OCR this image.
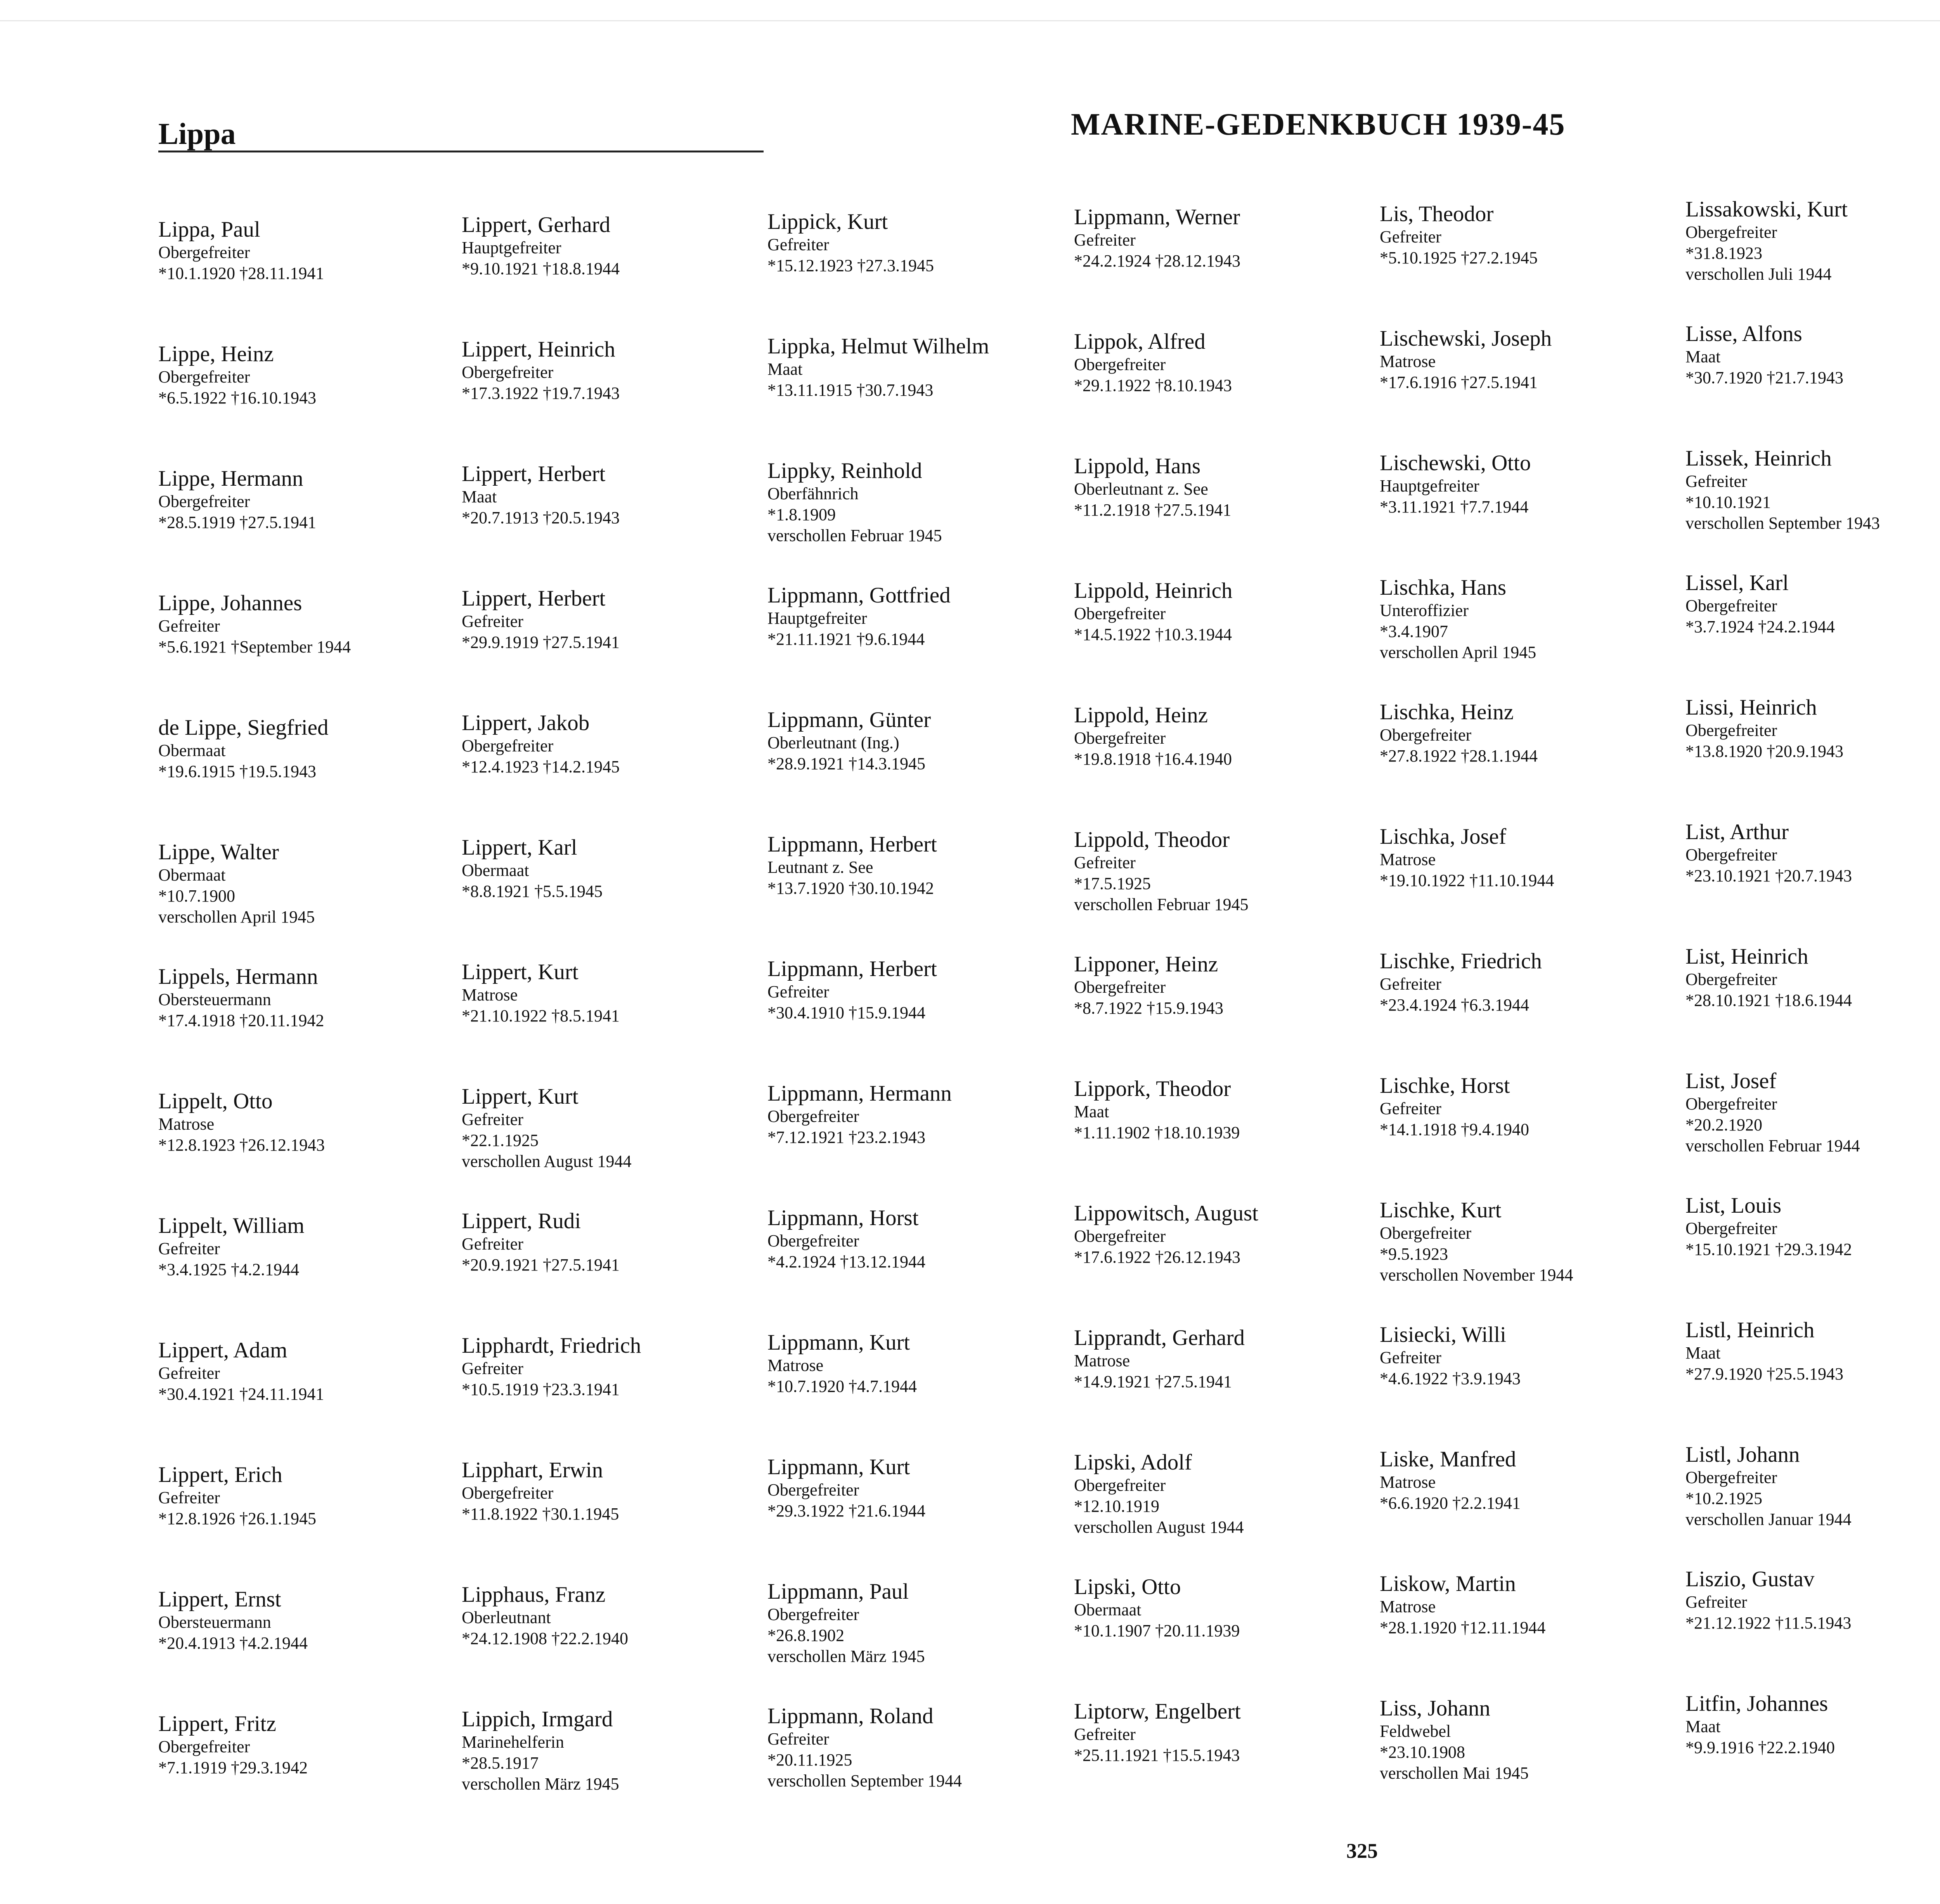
Lippa	MARINE-GEDENKBUCH 1939-45
Lippa, Paul
Obergefreiter
*10.1.1920 †28.11.1941
Lippe, Heinz
Obergefreiter
*6.5.1922 †16.10.1943
Lippe, Hermann
Obergefreiter
*28.5.1919 †27.5.1941
Lippe, Johannes
Gefreiter
*5.6.1921 †September 1944
de Lippe, Siegfried
Obermaat
*19.6.1915 †19.5.1943
Lippe, Walter
Obermaat
*10.7.1900
verschollen April 1945
Lippels, Hermann
Obersteuermann
*17.4.1918 †20.11.1942
Lippelt, Otto
Matrose
*12.8.1923 †26.12.1943
Lippelt, William
Gefreiter
*3.4.1925 †4.2.1944
Lippert, Adam
Gefreiter
*30.4.1921 †24.11.1941
Lippert, Erich
Gefreiter
*12.8.1926 †26.1.1945
Lippert, Ernst
Obersteuermann
*20.4.1913 †4.2.1944
Lippert, Fritz
Obergefreiter
*7.1.1919 †29.3.1942
Lippert, Gerhard
Hauptgefreiter
*9.10.1921 †18.8.1944
Lippert, Heinrich
Obergefreiter
*17.3.1922 †19.7.1943
Lippert, Herbert
Maat
*20.7.1913 †20.5.1943
Lippert, Herbert
Gefreiter
*29.9.1919 †27.5.1941
Lippert, Jakob
Obergefreiter
*12.4.1923 †14.2.1945
Lippert, Karl
Obermaat
*8.8.1921 †5.5.1945
Lippert, Kurt
Matrose
*21.10.1922 †8.5.1941
Lippert, Kurt
Gefreiter
*22.1.1925
verschollen August 1944
Lippert, Rudi
Gefreiter
*20.9.1921 †27.5.1941
Lipphardt, Friedrich
Gefreiter
*10.5.1919 †23.3.1941
Lipphart, Erwin
Obergefreiter
*11.8.1922 †30.1.1945
Lipphaus, Franz
Oberleutnant
*24.12.1908 †22.2.1940
Lippich, Irmgard
Marinehelferin
*28.5.1917
verschollen März 1945
Lippick, Kurt
Gefreiter
*15.12.1923 †27.3.1945
Lippka, Helmut Wilhelm
Maat
*13.11.1915 †30.7.1943
Lippky, Reinhold
Oberfähnrich
*1.8.1909
verschollen Februar 1945
Lippmann, Gottfried
Hauptgefreiter
*21.11.1921 †9.6.1944
Lippmann, Günter
Oberleutnant (Ing.)
*28.9.1921 †14.3.1945
Lippmann, Herbert
Leutnant z. See
*13.7.1920 †30.10.1942
Lippmann, Herbert
Gefreiter
*30.4.1910 †15.9.1944
Lippmann, Hermann
Obergefreiter
*7.12.1921 †23.2.1943
Lippmann, Horst
Obergefreiter
*4.2.1924 †13.12.1944
Lippmann, Kurt
Matrose
*10.7.1920 †4.7.1944
Lippmann, Kurt
Obergefreiter
*29.3.1922 †21.6.1944
Lippmann, Paul
Obergefreiter
*26.8.1902
verschollen März 1945
Lippmann, Roland
Gefreiter
*20.11.1925
verschollen September 1944
Lippmann, Werner
Gefreiter
*24.2.1924 †28.12.1943
Lippok, Alfred
Obergefreiter
*29.1.1922 †8.10.1943
Lippold, Hans
Oberleutnant z. See
*11.2.1918 †27.5.1941
Lippold, Heinrich
Obergefreiter
*14.5.1922 †10.3.1944
Lippold, Heinz
Obergefreiter
*19.8.1918 †16.4.1940
Lippold, Theodor
Gefreiter
*17.5.1925
verschollen Februar 1945
Lipponer, Heinz
Obergefreiter
*8.7.1922 †15.9.1943
Lippork, Theodor
Maat
*1.11.1902 †18.10.1939
Lippowitsch, August
Obergefreiter
*17.6.1922 †26.12.1943
Lipprandt, Gerhard
Matrose
*14.9.1921 †27.5.1941
Lipski, Adolf
Obergefreiter
*12.10.1919
verschollen August 1944
Lipski, Otto
Obermaat
*10.1.1907 †20.11.1939
Liptorw, Engelbert
Gefreiter
*25.11.1921 †15.5.1943
Lis, Theodor
Gefreiter
*5.10.1925 †27.2.1945
Lischewski, Joseph
Matrose
*17.6.1916 †27.5.1941
Lischewski, Otto
Hauptgefreiter
*3.11.1921 †7.7.1944
Lischka, Hans
Unteroffizier
*3.4.1907
verschollen April 1945
Lischka, Heinz
Obergefreiter
*27.8.1922 †28.1.1944
Lischka, Josef
Matrose
*19.10.1922 †11.10.1944
Lischke, Friedrich
Gefreiter
*23.4.1924 †6.3.1944
Lischke, Horst
Gefreiter
*14.1.1918 †9.4.1940
Lischke, Kurt
Obergefreiter
*9.5.1923
verschollen November 1944
Lisiecki, Willi
Gefreiter
*4.6.1922 †3.9.1943
Liske, Manfred
Matrose
*6.6.1920 †2.2.1941
Liskow, Martin
Matrose
*28.1.1920 †12.11.1944
Liss, Johann
Feldwebel
*23.10.1908
verschollen Mai 1945
Lissakowski, Kurt
Obergefreiter
*31.8.1923
verschollen Juli 1944
Lisse, Alfons
Maat
*30.7.1920 †21.7.1943
Lissek, Heinrich
Gefreiter
*10.10.1921
verschollen September 1943
Lissel, Karl
Obergefreiter
*3.7.1924 †24.2.1944
Lissi, Heinrich
Obergefreiter
*13.8.1920 †20.9.1943
List, Arthur
Obergefreiter
*23.10.1921 †20.7.1943
List, Heinrich
Obergefreiter
*28.10.1921 †18.6.1944
List, Josef
Obergefreiter
*20.2.1920
verschollen Februar 1944
List, Louis
Obergefreiter
*15.10.1921 †29.3.1942
Listl, Heinrich
Maat
*27.9.1920 †25.5.1943
Listl, Johann
Obergefreiter
*10.2.1925
verschollen Januar 1944
Liszio, Gustav
Gefreiter
*21.12.1922 †11.5.1943
Litfin, Johannes
Maat
*9.9.1916 †22.2.1940
325
